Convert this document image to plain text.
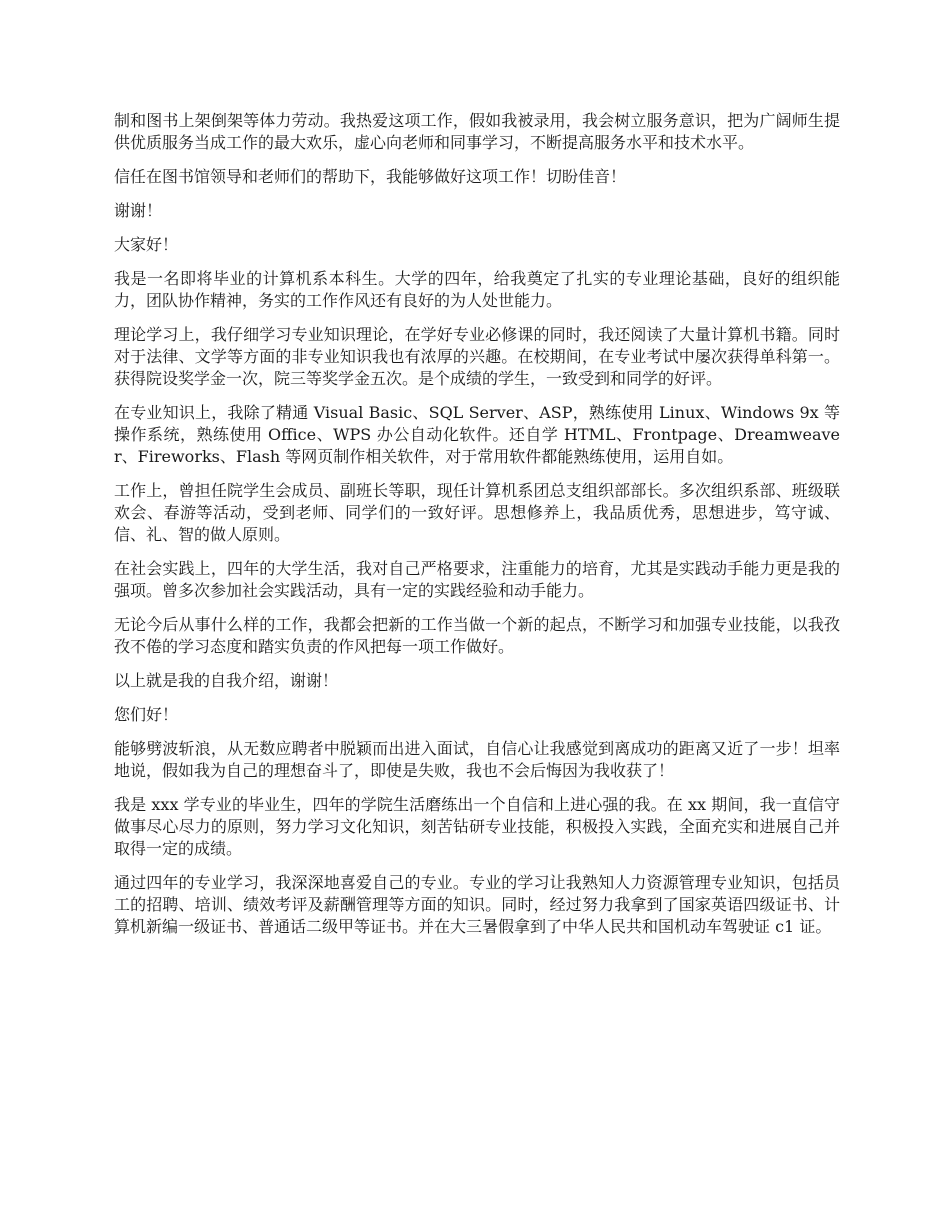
制和图书上架倒架等体力劳动。我热爱这项工作，假如我被录用，我会树立服务意识，把为广阔师生提供优质服务当成工作的最大欢乐，虚心向老师和同事学习，不断提高服务水平和技术水平。

信任在图书馆领导和老师们的帮助下，我能够做好这项工作！切盼佳音！

谢谢！

大家好！

我是一名即将毕业的计算机系本科生。大学的四年，给我奠定了扎实的专业理论基础，良好的组织能力，团队协作精神，务实的工作作风还有良好的为人处世能力。

理论学习上，我仔细学习专业知识理论，在学好专业必修课的同时，我还阅读了大量计算机书籍。同时对于法律、文学等方面的非专业知识我也有浓厚的兴趣。在校期间，在专业考试中屡次获得单科第一。获得院设奖学金一次，院三等奖学金五次。是个成绩的学生，一致受到和同学的好评。

在专业知识上，我除了精通 Visual Basic、SQL Server、ASP，熟练使用 Linux、Windows 9x 等操作系统，熟练使用 Office、WPS 办公自动化软件。还自学 HTML、Frontpage、Dreamweaver、Fireworks、Flash 等网页制作相关软件，对于常用软件都能熟练使用，运用自如。

工作上，曾担任院学生会成员、副班长等职，现任计算机系团总支组织部部长。多次组织系部、班级联欢会、春游等活动，受到老师、同学们的一致好评。思想修养上，我品质优秀，思想进步，笃守诚、信、礼、智的做人原则。

在社会实践上，四年的大学生活，我对自己严格要求，注重能力的培育，尤其是实践动手能力更是我的强项。曾多次参加社会实践活动，具有一定的实践经验和动手能力。

无论今后从事什么样的工作，我都会把新的工作当做一个新的起点，不断学习和加强专业技能，以我孜孜不倦的学习态度和踏实负责的作风把每一项工作做好。

以上就是我的自我介绍，谢谢！

您们好！

能够劈波斩浪，从无数应聘者中脱颖而出进入面试，自信心让我感觉到离成功的距离又近了一步！坦率地说，假如我为自己的理想奋斗了，即使是失败，我也不会后悔因为我收获了！

我是 xxx 学专业的毕业生，四年的学院生活磨练出一个自信和上进心强的我。在 xx 期间，我一直信守做事尽心尽力的原则，努力学习文化知识，刻苦钻研专业技能，积极投入实践，全面充实和进展自己并取得一定的成绩。

通过四年的专业学习，我深深地喜爱自己的专业。专业的学习让我熟知人力资源管理专业知识，包括员工的招聘、培训、绩效考评及薪酬管理等方面的知识。同时，经过努力我拿到了国家英语四级证书、计算机新编一级证书、普通话二级甲等证书。并在大三暑假拿到了中华人民共和国机动车驾驶证 c1 证。
